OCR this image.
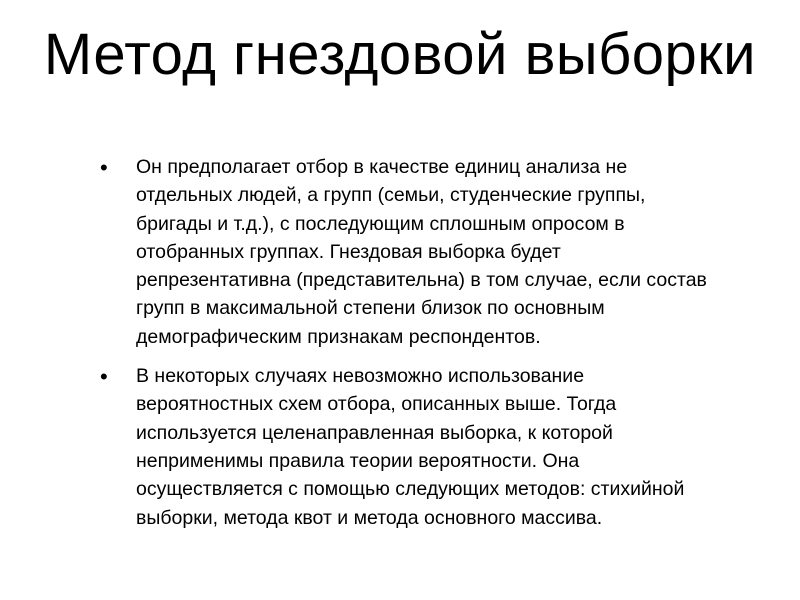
Метод гнездовой выборки
• Он предполагает отбор в качестве единиц анализа не отдельных людей, а групп (семьи, студенческие группы, бригады и т.д.), с последующим сплошным опросом в отобранных группах. Гнездовая выборка будет репрезентативна (представительна) в том случае, если состав групп в максимальной степени близок по основным демографическим признакам респондентов.
• В некоторых случаях невозможно использование вероятностных схем отбора, описанных выше. Тогда используется целенаправленная выборка, к которой неприменимы правила теории вероятности. Она осуществляется с помощью следующих методов: стихийной выборки, метода квот и метода основного массива.
